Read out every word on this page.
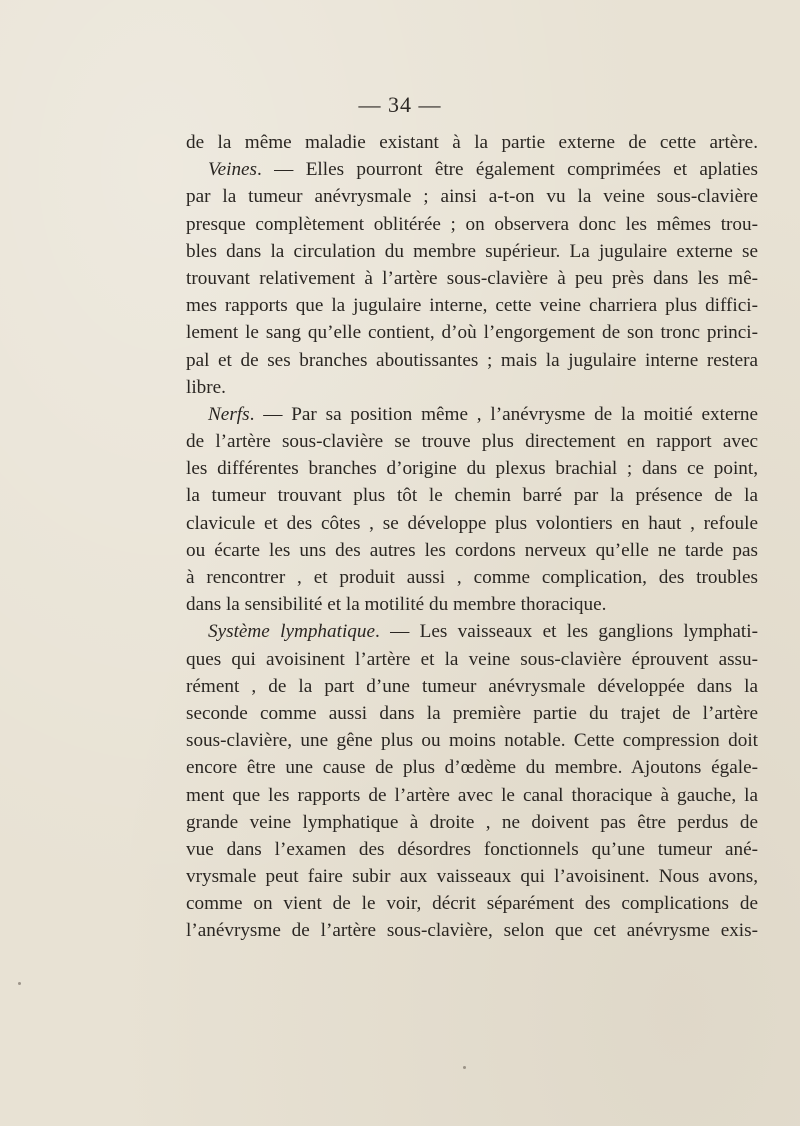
— 34 —
de la même maladie existant à la partie externe de cette artère.
Veines. — Elles pourront être également comprimées et aplaties
par la tumeur anévrysmale ; ainsi a-t-on vu la veine sous-clavière
presque complètement oblitérée ; on observera donc les mêmes trou-
bles dans la circulation du membre supérieur. La jugulaire externe se
trouvant relativement à l’artère sous-clavière à peu près dans les mê-
mes rapports que la jugulaire interne, cette veine charriera plus diffici-
lement le sang qu’elle contient, d’où l’engorgement de son tronc princi-
pal et de ses branches aboutissantes ; mais la jugulaire interne restera
libre.
Nerfs. — Par sa position même , l’anévrysme de la moitié externe
de l’artère sous-clavière se trouve plus directement en rapport avec
les différentes branches d’origine du plexus brachial ; dans ce point,
la tumeur trouvant plus tôt le chemin barré par la présence de la
clavicule et des côtes , se développe plus volontiers en haut , refoule
ou écarte les uns des autres les cordons nerveux qu’elle ne tarde pas
à rencontrer , et produit aussi , comme complication, des troubles
dans la sensibilité et la motilité du membre thoracique.
Système lymphatique. — Les vaisseaux et les ganglions lymphati-
ques qui avoisinent l’artère et la veine sous-clavière éprouvent assu-
rément , de la part d’une tumeur anévrysmale développée dans la
seconde comme aussi dans la première partie du trajet de l’artère
sous-clavière, une gêne plus ou moins notable. Cette compression doit
encore être une cause de plus d’œdème du membre. Ajoutons égale-
ment que les rapports de l’artère avec le canal thoracique à gauche, la
grande veine lymphatique à droite , ne doivent pas être perdus de
vue dans l’examen des désordres fonctionnels qu’une tumeur ané-
vrysmale peut faire subir aux vaisseaux qui l’avoisinent. Nous avons,
comme on vient de le voir, décrit séparément des complications de
l’anévrysme de l’artère sous-clavière, selon que cet anévrysme exis-
